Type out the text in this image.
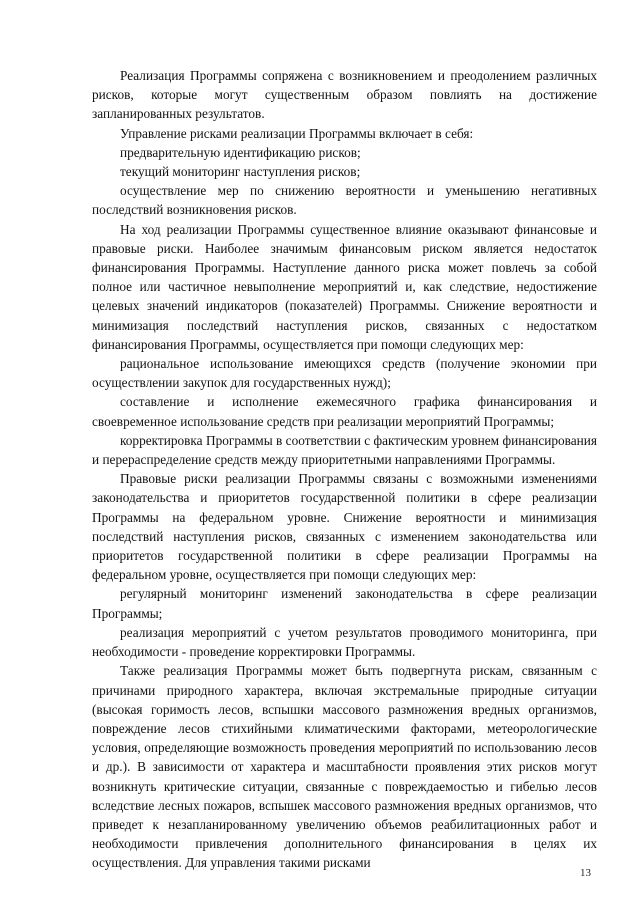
Реализация Программы сопряжена с возникновением и преодолением различных рисков, которые могут существенным образом повлиять на достижение запланированных результатов.

Управление рисками реализации Программы включает в себя:

предварительную идентификацию рисков;

текущий мониторинг наступления рисков;

осуществление мер по снижению вероятности и уменьшению негативных последствий возникновения рисков.

На ход реализации Программы существенное влияние оказывают финансовые и правовые риски. Наиболее значимым финансовым риском является недостаток финансирования Программы. Наступление данного риска может повлечь за собой полное или частичное невыполнение мероприятий и, как следствие, недостижение целевых значений индикаторов (показателей) Программы. Снижение вероятности и минимизация последствий наступления рисков, связанных с недостатком финансирования Программы, осуществляется при помощи следующих мер:

рациональное использование имеющихся средств (получение экономии при осуществлении закупок для государственных нужд);

составление и исполнение ежемесячного графика финансирования и своевременное использование средств при реализации мероприятий Программы;

корректировка Программы в соответствии с фактическим уровнем финансирования и перераспределение средств между приоритетными направлениями Программы.

Правовые риски реализации Программы связаны с возможными изменениями законодательства и приоритетов государственной политики в сфере реализации Программы на федеральном уровне. Снижение вероятности и минимизация последствий наступления рисков, связанных с изменением законодательства или приоритетов государственной политики в сфере реализации Программы на федеральном уровне, осуществляется при помощи следующих мер:

регулярный мониторинг изменений законодательства в сфере реализации Программы;

реализация мероприятий с учетом результатов проводимого мониторинга, при необходимости - проведение корректировки Программы.

Также реализация Программы может быть подвергнута рискам, связанным с причинами природного характера, включая экстремальные природные ситуации (высокая горимость лесов, вспышки массового размножения вредных организмов, повреждение лесов стихийными климатическими факторами, метеорологические условия, определяющие возможность проведения мероприятий по использованию лесов и др.). В зависимости от характера и масштабности проявления этих рисков могут возникнуть критические ситуации, связанные с повреждаемостью и гибелью лесов вследствие лесных пожаров, вспышек массового размножения вредных организмов, что приведет к незапланированному увеличению объемов реабилитационных работ и необходимости привлечения дополнительного финансирования в целях их осуществления. Для управления такими рисками

13
